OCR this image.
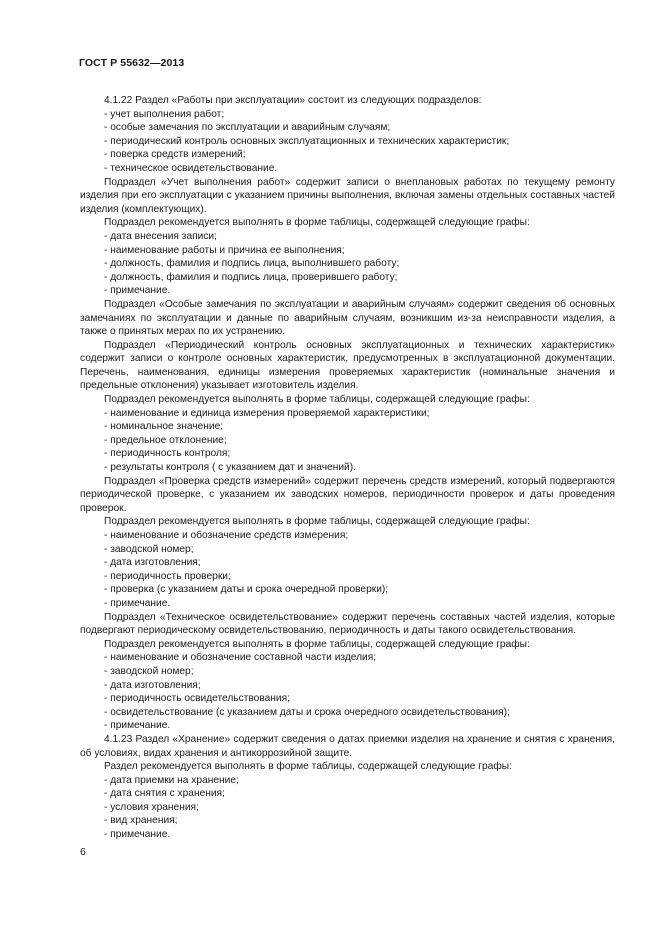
ГОСТ Р 55632—2013
4.1.22 Раздел «Работы при эксплуатации» состоит из следующих подразделов:
- учет выполнения работ;
- особые замечания по эксплуатации и аварийным случаям;
- периодический контроль основных эксплуатационных и технических характеристик;
- поверка средств измерений;
- техническое освидетельствование.
Подраздел «Учет выполнения работ» содержит записи о внеплановых работах по текущему ремонту изделия при его эксплуатации с указанием причины выполнения, включая замены отдельных составных частей изделия (комплектующих).
Подраздел рекомендуется выполнять в форме таблицы, содержащей следующие графы:
- дата внесения записи;
- наименование работы и причина ее выполнения;
- должность, фамилия и подпись лица, выполнившего работу;
- должность, фамилия и подпись лица, проверившего работу;
- примечание.
Подраздел «Особые замечания по эксплуатации и аварийным случаям» содержит сведения об основных замечаниях по эксплуатации и данные по аварийным случаям, возникшим из-за неисправности изделия, а также о принятых мерах по их устранению.
Подраздел «Периодический контроль основных эксплуатационных и технических характеристик» содержит записи о контроле основных характеристик, предусмотренных в эксплуатационной документации. Перечень, наименования, единицы измерения проверяемых характеристик (номинальные значения и предельные отклонения) указывает изготовитель изделия.
Подраздел рекомендуется выполнять в форме таблицы, содержащей следующие графы:
- наименование и единица измерения проверяемой характеристики;
- номинальное значение;
- предельное отклонение;
- периодичность контроля;
- результаты контроля ( с указанием дат и значений).
Подраздел «Проверка средств измерений» содержит перечень средств измерений, который подвергаются периодической проверке, с указанием их заводских номеров, периодичности проверок и даты проведения проверок.
Подраздел рекомендуется выполнять в форме таблицы, содержащей следующие графы:
- наименование и обозначение средств измерения;
- заводской номер;
- дата изготовления;
- периодичность проверки;
- проверка (с указанием даты и срока очередной проверки);
- примечание.
Подраздел «Техническое освидетельствование» содержит перечень составных частей изделия, которые подвергают периодическому освидетельствованию, периодичность и даты такого освидетельствования.
Подраздел рекомендуется выполнять в форме таблицы, содержащей следующие графы:
- наименование и обозначение составной части изделия;
- заводской номер;
- дата изготовления;
- периодичность освидетельствования;
- освидетельствование (с указанием даты и срока очередного освидетельствования);
- примечание.
4.1.23 Раздел «Хранение» содержит сведения о датах приемки изделия на хранение и снятия с хранения, об условиях, видах хранения и антикоррозийной защите.
Раздел рекомендуется выполнять в форме таблицы, содержащей следующие графы:
- дата приемки на хранение;
- дата снятия с хранения;
- условия хранения;
- вид хранения;
- примечание.
6
